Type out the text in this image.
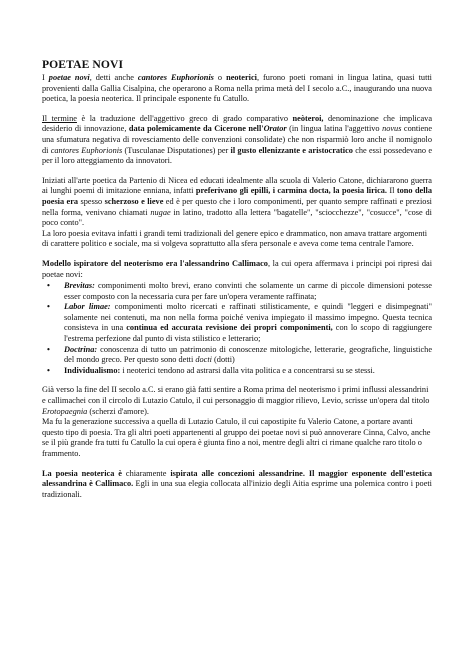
POETAE NOVI

I poetae novi, detti anche cantores Euphorionis o neoterici, furono poeti romani in lingua latina, quasi tutti provenienti dalla Gallia Cisalpina, che operarono a Roma nella prima metà del I secolo a.C., inaugurando una nuova poetica, la poesia neoterica. Il principale esponente fu Catullo.

Il termine è la traduzione dell'aggettivo greco di grado comparativo neòteroi, denominazione che implicava desiderio di innovazione, data polemicamente da Cicerone nell'Orator (in lingua latina l'aggettivo novus contiene una sfumatura negativa di rovesciamento delle convenzioni consolidate) che non risparmiò loro anche il nomignolo di cantores Euphorionis (Tusculanae Disputationes) per il gusto ellenizzante e aristocratico che essi possedevano e per il loro atteggiamento da innovatori.

Iniziati all'arte poetica da Partenio di Nicea ed educati idealmente alla scuola di Valerio Catone, dichiararono guerra ai lunghi poemi di imitazione enniana, infatti preferivano gli epilli, i carmina docta, la poesia lirica. Il tono della poesia era spesso scherzoso e lieve ed è per questo che i loro componimenti, per quanto sempre raffinati e preziosi nella forma, venivano chiamati nugae in latino, tradotto alla lettera "bagatelle", "sciocchezze", "cosucce", "cose di poco conto".

La loro poesia evitava infatti i grandi temi tradizionali del genere epico e drammatico, non amava trattare argomenti di carattere politico e sociale, ma si volgeva soprattutto alla sfera personale e aveva come tema centrale l'amore.

Modello ispiratore del neoterismo era l'alessandrino Callimaco, la cui opera affermava i principi poi ripresi dai poetae novi:

• Brevitas: componimenti molto brevi, erano convinti che solamente un carme di piccole dimensioni potesse esser composto con la necessaria cura per fare un'opera veramente raffinata;
• Labor limae: componimenti molto ricercati e raffinati stilisticamente, e quindi "leggeri e disimpegnati" solamente nei contenuti, ma non nella forma poiché veniva impiegato il massimo impegno. Questa tecnica consisteva in una continua ed accurata revisione dei propri componimenti, con lo scopo di raggiungere l'estrema perfezione dal punto di vista stilistico e letterario;
• Doctrina: conoscenza di tutto un patrimonio di conoscenze mitologiche, letterarie, geografiche, linguistiche del mondo greco. Per questo sono detti docti (dotti)
• Individualismo: i neoterici tendono ad astrarsi dalla vita politica e a concentrarsi su se stessi.

Già verso la fine del II secolo a.C. si erano già fatti sentire a Roma prima del neoterismo i primi influssi alessandrini e callimachei con il circolo di Lutazio Catulo, il cui personaggio di maggior rilievo, Levio, scrisse un'opera dal titolo Erotopaegnia (scherzi d'amore).

Ma fu la generazione successiva a quella di Lutazio Catulo, il cui capostipite fu Valerio Catone, a portare avanti questo tipo di poesia. Tra gli altri poeti appartenenti al gruppo dei poetae novi si può annoverare Cinna, Calvo, anche se il più grande fra tutti fu Catullo la cui opera è giunta fino a noi, mentre degli altri ci rimane qualche raro titolo o frammento.

La poesia neoterica è chiaramente ispirata alle concezioni alessandrine. Il maggior esponente dell'estetica alessandrina è Callimaco. Egli in una sua elegia collocata all'inizio degli Aitia esprime una polemica contro i poeti tradizionali.
